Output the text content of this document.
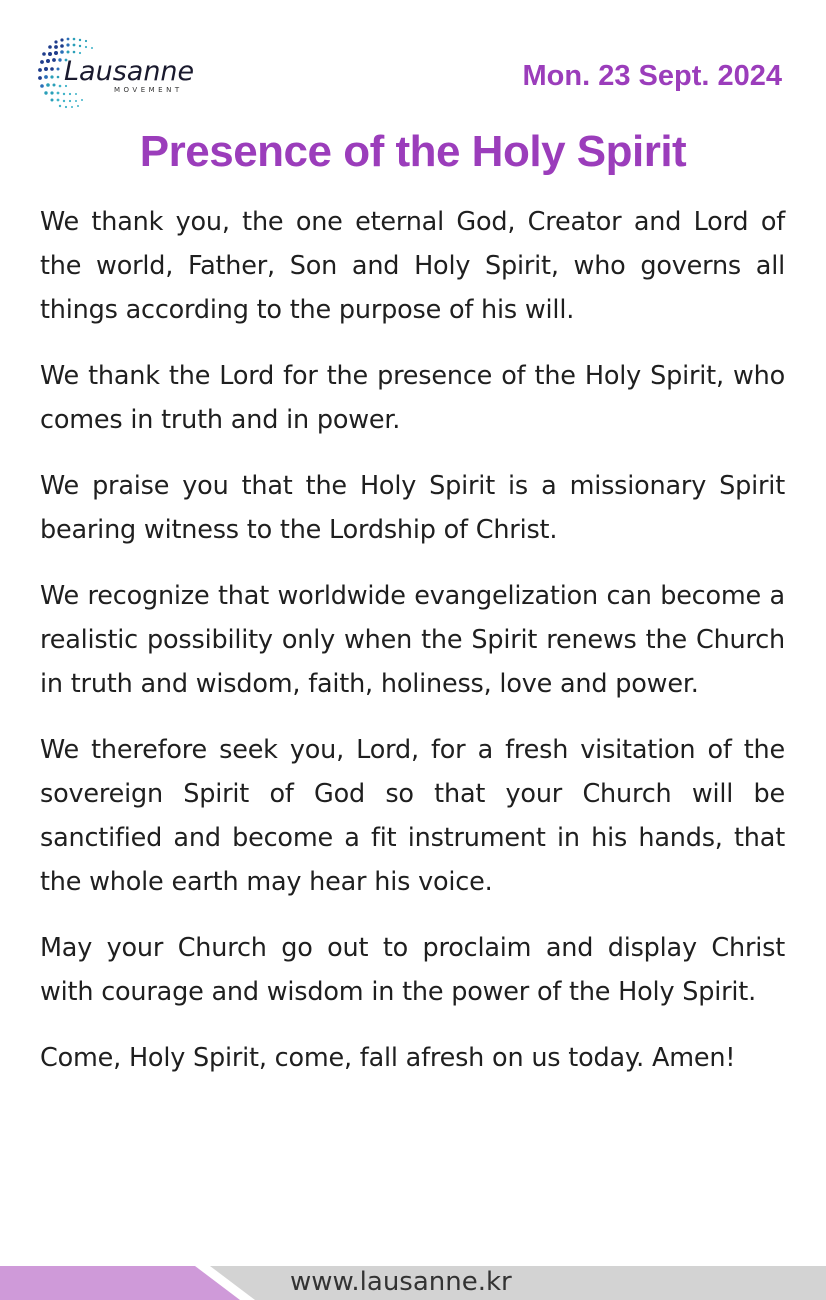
Lausanne
MOVEMENT	Mon. 23 Sept. 2024
Presence of the Holy Spirit

We thank you, the one eternal God, Creator and Lord of the world, Father, Son and Holy Spirit, who governs all things according to the purpose of his will.

We thank the Lord for the presence of the Holy Spirit, who comes in truth and in power.

We praise you that the Holy Spirit is a missionary Spirit bearing witness to the Lordship of Christ.

We recognize that worldwide evangelization can become a realistic possibility only when the Spirit renews the Church in truth and wisdom, faith, holiness, love and power.

We therefore seek you, Lord, for a fresh visitation of the sovereign Spirit of God so that your Church will be sanctified and become a fit instrument in his hands, that the whole earth may hear his voice.

May your Church go out to proclaim and display Christ with courage and wisdom in the power of the Holy Spirit.

Come, Holy Spirit, come, fall afresh on us today. Amen!

www.lausanne.kr
